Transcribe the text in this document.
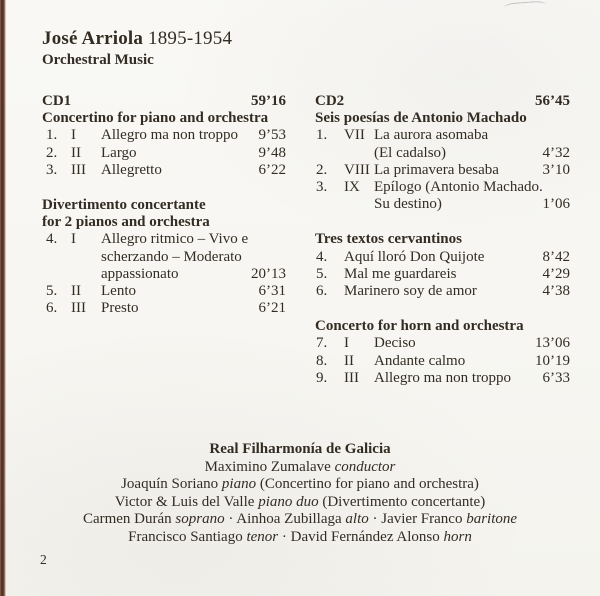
José Arriola 1895-1954
Orchestral Music
CD1	59’16
Concertino for piano and orchestra
1. I	Allegro ma non troppo	9’53
2. II	Largo	9’48
3. III	Allegretto	6’22
Divertimento concertante
for 2 pianos and orchestra
4. I	Allegro ritmico – Vivo e
scherzando – Moderato
appassionato	20’13
5. II	Lento	6’31
6. III	Presto	6’21
CD2	56’45
Seis poesías de Antonio Machado
1.	VII La aurora asomaba
(El cadalso)	4’32
2.	VIII La primavera besaba	3’10
3.	IX Epílogo (Antonio Machado.
Su destino)	1’06
Tres textos cervantinos
4.	Aquí lloró Don Quijote	8’42
5.	Mal me guardareis	4’29
6.	Marinero soy de amor	4’38
Concerto for horn and orchestra
7.	I	Deciso	13’06
8.	II	Andante calmo	10’19
9.	III	Allegro ma non troppo	6’33
Real Filharmonía de Galicia
Maximino Zumalave conductor
Joaquín Soriano piano (Concertino for piano and orchestra)
Victor & Luis del Valle piano duo (Divertimento concertante)
Carmen Durán soprano · Ainhoa Zubillaga alto · Javier Franco baritone
Francisco Santiago tenor · David Fernández Alonso horn
2
